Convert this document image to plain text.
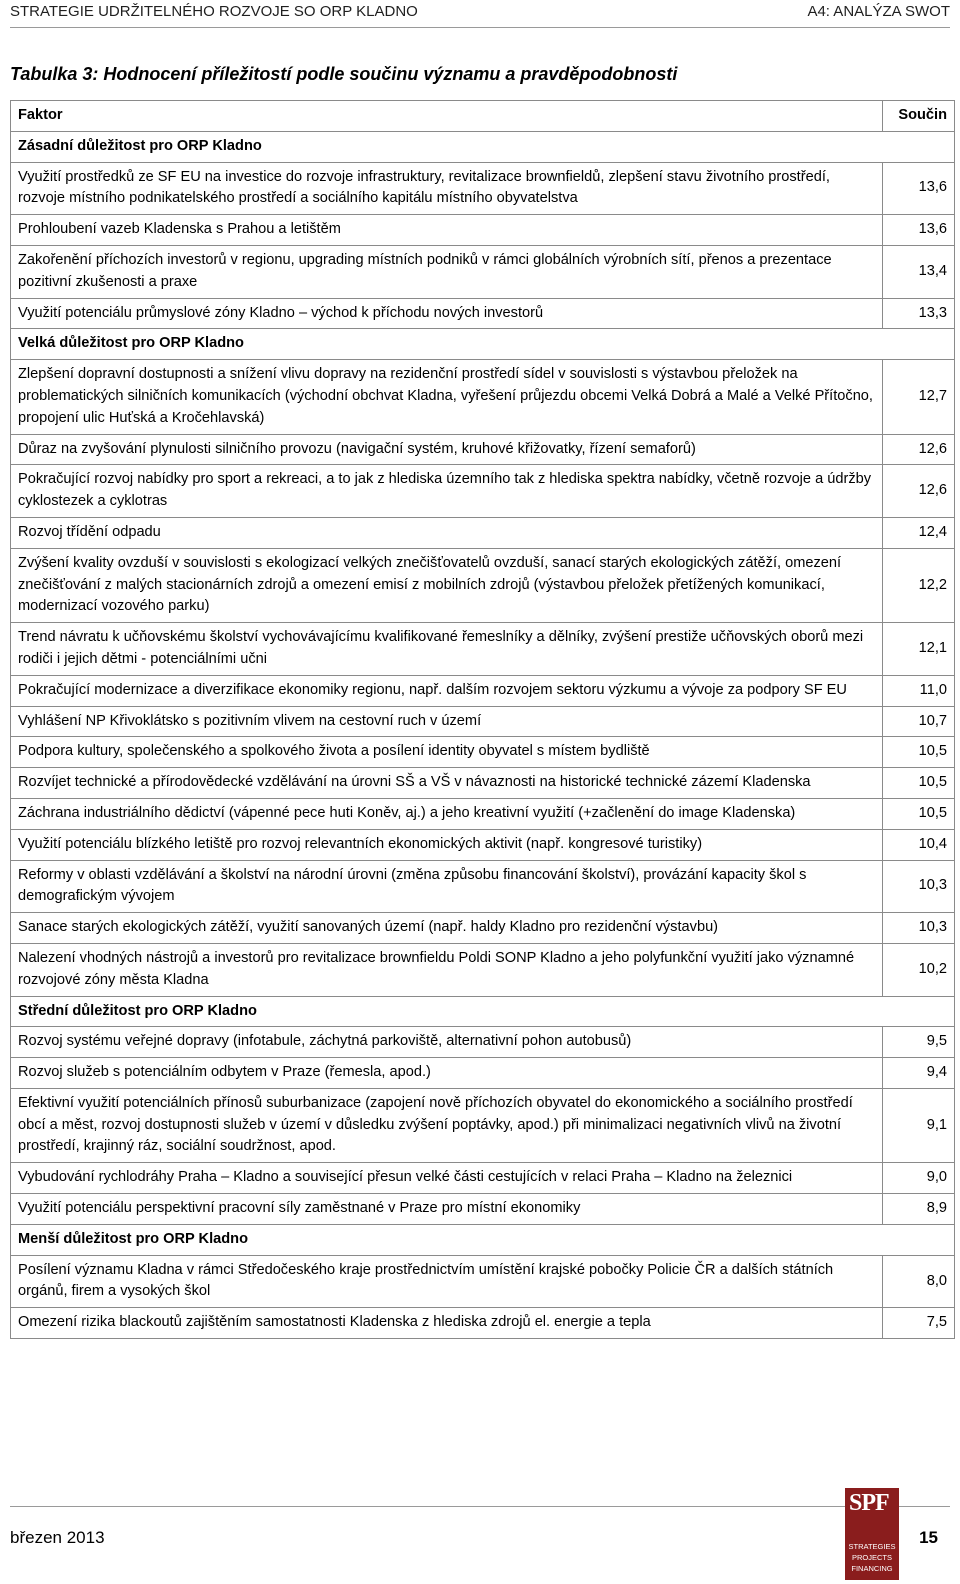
STRATEGIE UDRŽITELNÉHO ROZVOJE SO ORP KLADNO	A4: ANALÝZA SWOT
Tabulka 3: Hodnocení příležitostí podle součinu významu a pravděpodobnosti
Faktor	Součin
Zásadní důležitost pro ORP Kladno	
Využití prostředků ze SF EU na investice do rozvoje infrastruktury, revitalizace brownfieldů, zlepšení stavu životního prostředí, rozvoje místního podnikatelského prostředí a sociálního kapitálu místního obyvatelstva	13,6
Prohloubení vazeb Kladenska s Prahou a letištěm	13,6
Zakořenění příchozích investorů v regionu, upgrading místních podniků v rámci globálních výrobních sítí, přenos a prezentace pozitivní zkušenosti a praxe	13,4
Využití potenciálu průmyslové zóny Kladno – východ k příchodu nových investorů	13,3
Velká důležitost pro ORP Kladno	
Zlepšení dopravní dostupnosti a snížení vlivu dopravy na rezidenční prostředí sídel v souvislosti s výstavbou přeložek na problematických silničních komunikacích (východní obchvat Kladna, vyřešení průjezdu obcemi Velká Dobrá a Malé a Velké Přítočno, propojení ulic Huťská a Kročehlavská)	12,7
Důraz na zvyšování plynulosti silničního provozu (navigační systém, kruhové křižovatky, řízení semaforů)	12,6
Pokračující rozvoj nabídky pro sport a rekreaci, a to jak z hlediska územního tak z hlediska spektra nabídky, včetně rozvoje a údržby cyklostezek a cyklotras	12,6
Rozvoj třídění odpadu	12,4
Zvýšení kvality ovzduší v souvislosti s ekologizací velkých znečišťovatelů ovzduší, sanací starých ekologických zátěží, omezení znečišťování z malých stacionárních zdrojů a omezení emisí z mobilních zdrojů (výstavbou přeložek přetížených komunikací, modernizací vozového parku)	12,2
Trend návratu k učňovskému školství vychovávajícímu kvalifikované řemeslníky a dělníky, zvýšení prestiže učňovských oborů mezi rodiči i jejich dětmi - potenciálními učni	12,1
Pokračující modernizace a diverzifikace ekonomiky regionu, např. dalším rozvojem sektoru výzkumu a vývoje za podpory SF EU	11,0
Vyhlášení NP Křivoklátsko s pozitivním vlivem na cestovní ruch v území	10,7
Podpora kultury, společenského a spolkového života a posílení identity obyvatel s místem bydliště	10,5
Rozvíjet technické a přírodovědecké vzdělávání na úrovni SŠ a VŠ v návaznosti na historické technické zázemí Kladenska	10,5
Záchrana industriálního dědictví (vápenné pece huti Koněv, aj.) a jeho kreativní využití (+začlenění do image Kladenska)	10,5
Využití potenciálu blízkého letiště pro rozvoj relevantních ekonomických aktivit (např. kongresové turistiky)	10,4
Reformy v oblasti vzdělávání a školství na národní úrovni (změna způsobu financování školství), provázání kapacity škol s demografickým vývojem	10,3
Sanace starých ekologických zátěží, využití sanovaných území (např. haldy Kladno pro rezidenční výstavbu)	10,3
Nalezení vhodných nástrojů a investorů pro revitalizace brownfieldu Poldi SONP Kladno a jeho polyfunkční využití jako významné rozvojové zóny města Kladna	10,2
Střední důležitost pro ORP Kladno	
Rozvoj systému veřejné dopravy (infotabule, záchytná parkoviště, alternativní pohon autobusů)	9,5
Rozvoj služeb s potenciálním odbytem v Praze (řemesla, apod.)	9,4
Efektivní využití potenciálních přínosů suburbanizace (zapojení nově příchozích obyvatel do ekonomického a sociálního prostředí obcí a měst, rozvoj dostupnosti služeb v území v důsledku zvýšení poptávky, apod.) při minimalizaci negativních vlivů na životní prostředí, krajinný ráz, sociální soudržnost, apod.	9,1
Vybudování rychlodráhy Praha – Kladno a související přesun velké části cestujících v relaci Praha – Kladno na železnici	9,0
Využití potenciálu perspektivní pracovní síly zaměstnané v Praze pro místní ekonomiky	8,9
Menší důležitost pro ORP Kladno	
Posílení významu Kladna v rámci Středočeského kraje prostřednictvím umístění krajské pobočky Policie ČR a dalších státních orgánů, firem a vysokých škol	8,0
Omezení rizika blackoutů zajištěním samostatnosti Kladenska z hlediska zdrojů el. energie a tepla	7,5
březen 2013
SPF
STRATEGIES
PROJECTS
FINANCING
15
